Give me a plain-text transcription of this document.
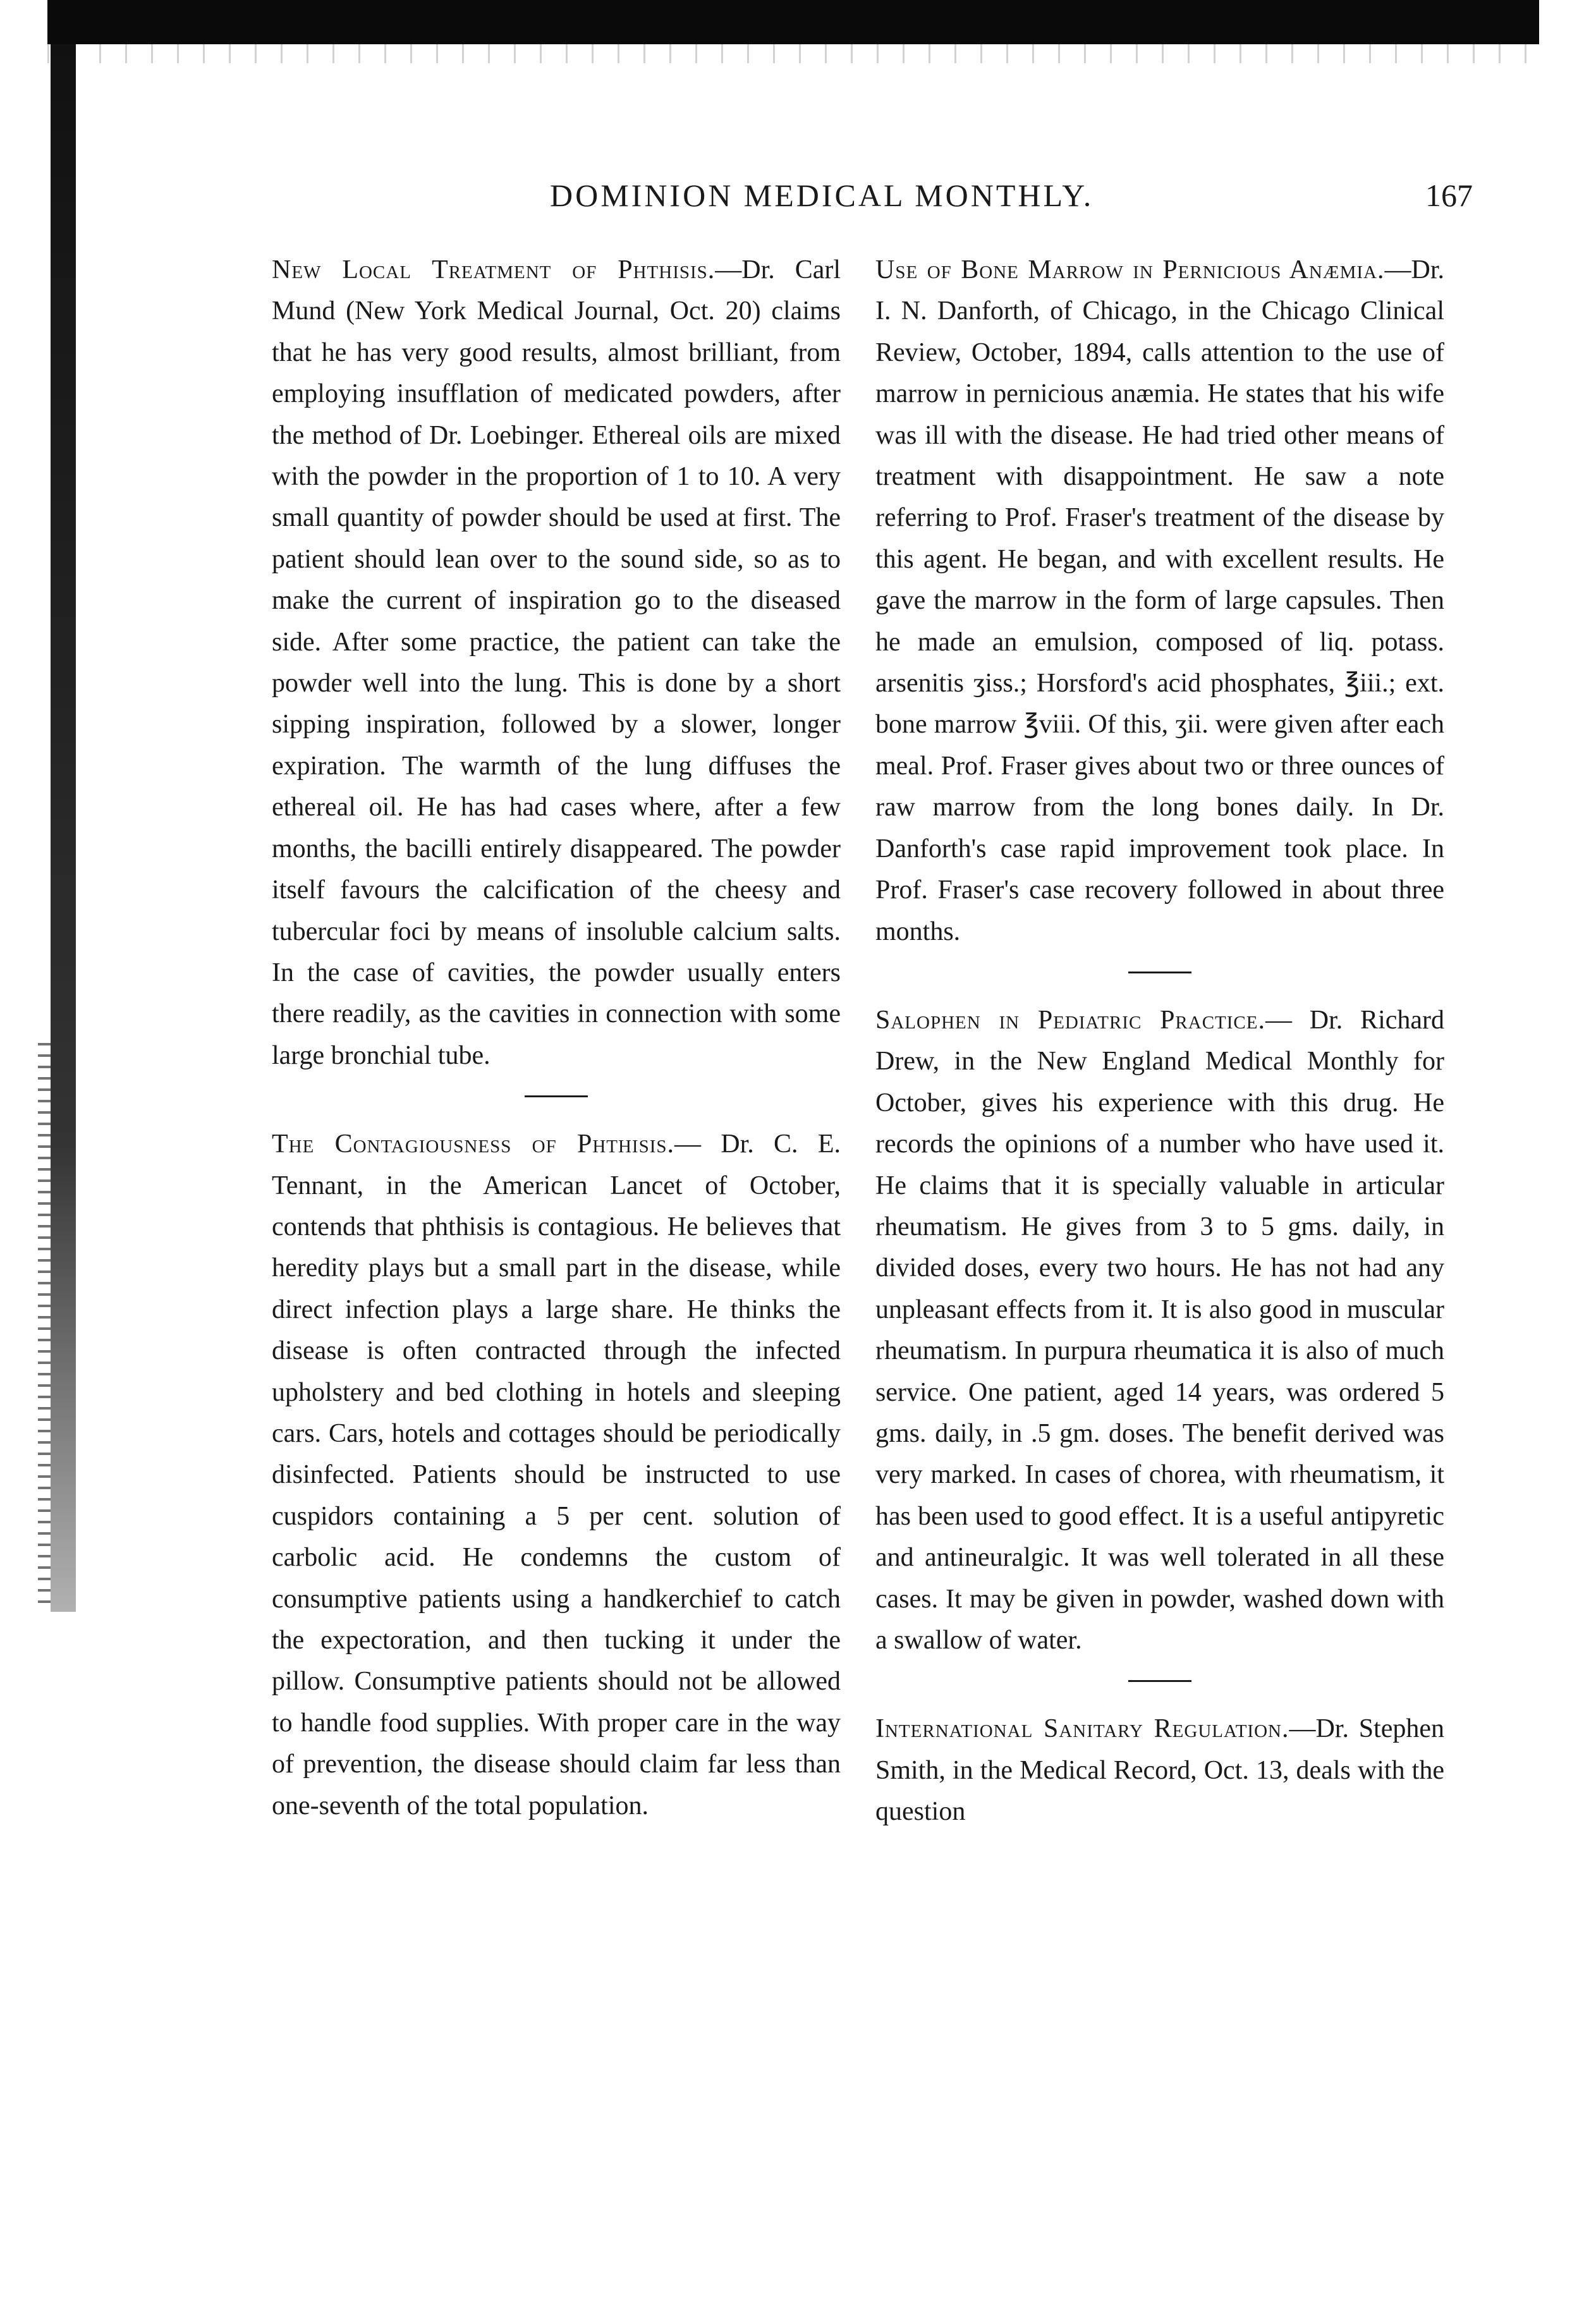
DOMINION MEDICAL MONTHLY.	167

New Local Treatment of Phthisis.—Dr. Carl Mund (New York Medical Journal, Oct. 20) claims that he has very good results, almost brilliant, from employing insufflation of medicated powders, after the method of Dr. Loebinger. Ethereal oils are mixed with the powder in the proportion of 1 to 10. A very small quantity of powder should be used at first. The patient should lean over to the sound side, so as to make the current of inspiration go to the diseased side. After some practice, the patient can take the powder well into the lung. This is done by a short sipping inspiration, followed by a slower, longer expiration. The warmth of the lung diffuses the ethereal oil. He has had cases where, after a few months, the bacilli entirely disappeared. The powder itself favours the calcification of the cheesy and tubercular foci by means of insoluble calcium salts. In the case of cavities, the powder usually enters there readily, as the cavities in connection with some large bronchial tube.

The Contagiousness of Phthisis.— Dr. C. E. Tennant, in the American Lancet of October, contends that phthisis is contagious. He believes that heredity plays but a small part in the disease, while direct infection plays a large share. He thinks the disease is often contracted through the infected upholstery and bed clothing in hotels and sleeping cars. Cars, hotels and cottages should be periodically disinfected. Patients should be instructed to use cuspidors containing a 5 per cent. solution of carbolic acid. He condemns the custom of consumptive patients using a handkerchief to catch the expectoration, and then tucking it under the pillow. Consumptive patients should not be allowed to handle food supplies. With proper care in the way of prevention, the disease should claim far less than one-seventh of the total population.

Use of Bone Marrow in Pernicious Anæmia.—Dr. I. N. Danforth, of Chicago, in the Chicago Clinical Review, October, 1894, calls attention to the use of marrow in pernicious anæmia. He states that his wife was ill with the disease. He had tried other means of treatment with disappointment. He saw a note referring to Prof. Fraser's treatment of the disease by this agent. He began, and with excellent results. He gave the marrow in the form of large capsules. Then he made an emulsion, composed of liq. potass. arsenitis ʒiss.; Horsford's acid phosphates, ℥iii.; ext. bone marrow ℥viii. Of this, ʒii. were given after each meal. Prof. Fraser gives about two or three ounces of raw marrow from the long bones daily. In Dr. Danforth's case rapid improvement took place. In Prof. Fraser's case recovery followed in about three months.

Salophen in Pediatric Practice.— Dr. Richard Drew, in the New England Medical Monthly for October, gives his experience with this drug. He records the opinions of a number who have used it. He claims that it is specially valuable in articular rheumatism. He gives from 3 to 5 gms. daily, in divided doses, every two hours. He has not had any unpleasant effects from it. It is also good in muscular rheumatism. In purpura rheumatica it is also of much service. One patient, aged 14 years, was ordered 5 gms. daily, in .5 gm. doses. The benefit derived was very marked. In cases of chorea, with rheumatism, it has been used to good effect. It is a useful antipyretic and antineuralgic. It was well tolerated in all these cases. It may be given in powder, washed down with a swallow of water.

International Sanitary Regulation.—Dr. Stephen Smith, in the Medical Record, Oct. 13, deals with the question
